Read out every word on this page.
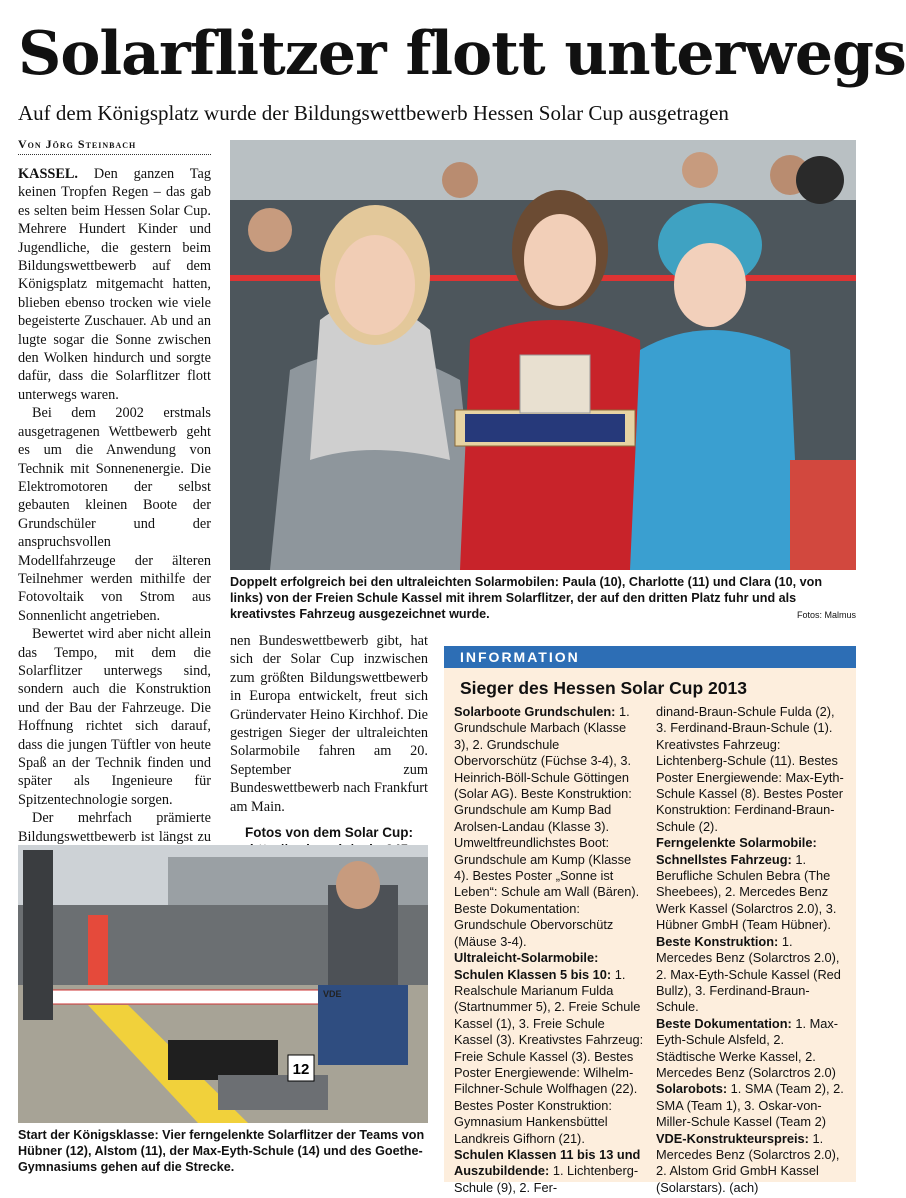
Solarflitzer flott unterwegs
Auf dem Königsplatz wurde der Bildungswettbewerb Hessen Solar Cup ausgetragen
Von Jörg Steinbach

KASSEL. Den ganzen Tag keinen Tropfen Regen – das gab es selten beim Hessen Solar Cup. Mehrere Hundert Kinder und Jugendliche, die gestern beim Bildungswettbewerb auf dem Königsplatz mitgemacht hatten, blieben ebenso trocken wie viele begeisterte Zuschauer. Ab und an lugte sogar die Sonne zwischen den Wolken hindurch und sorgte dafür, dass die Solarflitzer flott unterwegs waren.

Bei dem 2002 erstmals ausgetragenen Wettbewerb geht es um die Anwendung von Technik mit Sonnenenergie. Die Elektromotoren der selbst gebauten kleinen Boote der Grundschüler und der anspruchsvollen Modellfahrzeuge der älteren Teilnehmer werden mithilfe der Fotovoltaik von Strom aus Sonnenlicht angetrieben.

Bewertet wird aber nicht allein das Tempo, mit dem die Solarflitzer unterwegs sind, sondern auch die Konstruktion und der Bau der Fahrzeuge. Die Hoffnung richtet sich darauf, dass die jungen Tüftler von heute Spaß an der Technik finden und später als Ingenieure für Spitzentechnologie sorgen.

Der mehrfach prämierte Bildungswettbewerb ist längst zu

nen Bundeswettbewerb gibt, hat sich der Solar Cup inzwischen zum größten Bildungswettbewerb in Europa entwickelt, freut sich Gründervater Heino Kirchhof. Die gestrigen Sieger der ultraleichten Solarmobile fahren am 20. September zum Bundeswettbewerb nach Frankfurt am Main.

Fotos von dem Solar Cup:

Doppelt erfolgreich bei den ultraleichten Solarmobilen: Paula (10), Charlotte (11) und Clara (10, von links) von der Freien Schule Kassel mit ihrem Solarflitzer, der auf den dritten Platz fuhr und als kreativstes Fahrzeug ausgezeichnet wurde.	Fotos: Malmus
12
VDE
Start der Königsklasse: Vier ferngelenkte Solarflitzer der Teams von Hübner (12), Alstom (11), der Max-Eyth-Schule (14) und des Goethe-Gymnasiums gehen auf die Strecke.
INFORMATION
Sieger des Hessen Solar Cup 2013
Solarboote Grundschulen: 1. Grundschule Marbach (Klasse 3), 2. Grundschule Obervorschütz (Füchse 3-4), 3. Heinrich-Böll-Schule Göttingen (Solar AG). Beste Konstruktion: Grundschule am Kump Bad Arolsen-Landau (Klasse 3). Umweltfreundlichstes Boot: Grundschule am Kump (Klasse 4). Bestes Poster „Sonne ist Leben“: Schule am Wall (Bären). Beste Dokumentation: Grundschule Obervorschütz (Mäuse 3-4).
Ultraleicht-Solarmobile: Schulen Klassen 5 bis 10: 1. Realschule Marianum Fulda (Startnummer 5), 2. Freie Schule Kassel (1), 3. Freie Schule Kassel (3). Kreativstes Fahrzeug: Freie Schule Kassel (3). Bestes Poster Energiewende: Wilhelm-Filchner-Schule Wolfhagen (22). Bestes Poster Konstruktion: Gymnasium Hankensbüttel Landkreis Gifhorn (21).
Schulen Klassen 11 bis 13 und Auszubildende: 1. Lichtenberg-Schule (9), 2. Fer-
dinand-Braun-Schule Fulda (2), 3. Ferdinand-Braun-Schule (1). Kreativstes Fahrzeug: Lichtenberg-Schule (11). Bestes Poster Energiewende: Max-Eyth-Schule Kassel (8). Bestes Poster Konstruktion: Ferdinand-Braun-Schule (2).
Ferngelenkte Solarmobile: Schnellstes Fahrzeug: 1. Berufliche Schulen Bebra (The Sheebees), 2. Mercedes Benz Werk Kassel (Solarctros 2.0), 3. Hübner GmbH (Team Hübner).
Beste Konstruktion: 1. Mercedes Benz (Solarctros 2.0), 2. Max-Eyth-Schule Kassel (Red Bullz), 3. Ferdinand-Braun-Schule.
Beste Dokumentation: 1. Max-Eyth-Schule Alsfeld, 2. Städtische Werke Kassel, 2. Mercedes Benz (Solarctros 2.0)
Solarobots: 1. SMA (Team 2), 2. SMA (Team 1), 3. Oskar-von-Miller-Schule Kassel (Team 2)
VDE-Konstrukteurspreis: 1. Mercedes Benz (Solarctros 2.0), 2. Alstom Grid GmbH Kassel (Solarstars). (ach)
